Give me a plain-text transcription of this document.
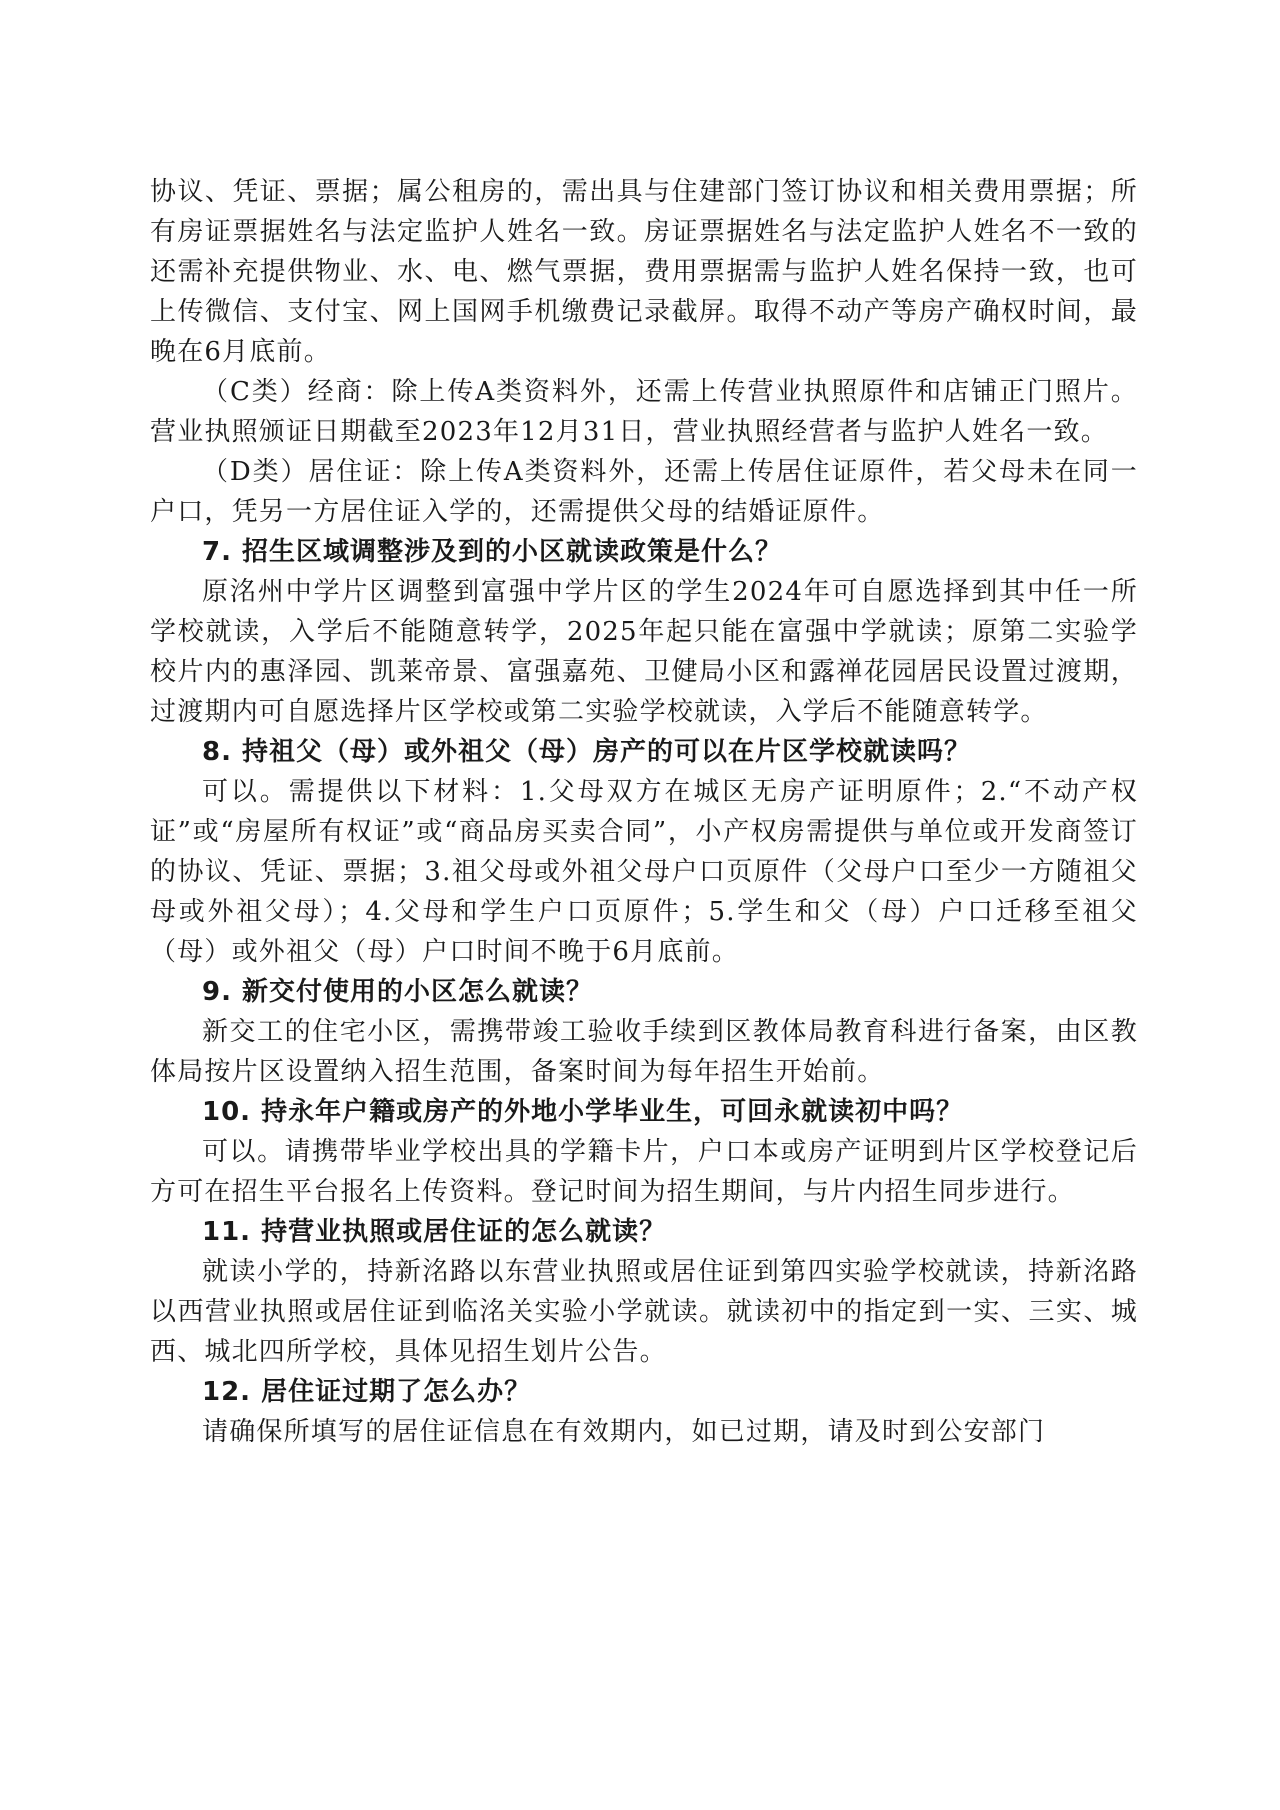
协议、凭证、票据；属公租房的，需出具与住建部门签订协议和相关费用票据；所有房证票据姓名与法定监护人姓名一致。房证票据姓名与法定监护人姓名不一致的还需补充提供物业、水、电、燃气票据，费用票据需与监护人姓名保持一致，也可上传微信、支付宝、网上国网手机缴费记录截屏。取得不动产等房产确权时间，最晚在6月底前。

（C类）经商：除上传A类资料外，还需上传营业执照原件和店铺正门照片。营业执照颁证日期截至2023年12月31日，营业执照经营者与监护人姓名一致。

（D类）居住证：除上传A类资料外，还需上传居住证原件，若父母未在同一户口，凭另一方居住证入学的，还需提供父母的结婚证原件。

7. 招生区域调整涉及到的小区就读政策是什么？

原洺州中学片区调整到富强中学片区的学生2024年可自愿选择到其中任一所学校就读，入学后不能随意转学，2025年起只能在富强中学就读；原第二实验学校片内的惠泽园、凯莱帝景、富强嘉苑、卫健局小区和露禅花园居民设置过渡期，过渡期内可自愿选择片区学校或第二实验学校就读，入学后不能随意转学。

8. 持祖父（母）或外祖父（母）房产的可以在片区学校就读吗？

可以。需提供以下材料：1.父母双方在城区无房产证明原件；2.“不动产权证”或“房屋所有权证”或“商品房买卖合同”，小产权房需提供与单位或开发商签订的协议、凭证、票据；3.祖父母或外祖父母户口页原件（父母户口至少一方随祖父母或外祖父母）；4.父母和学生户口页原件；5.学生和父（母）户口迁移至祖父（母）或外祖父（母）户口时间不晚于6月底前。

9. 新交付使用的小区怎么就读？

新交工的住宅小区，需携带竣工验收手续到区教体局教育科进行备案，由区教体局按片区设置纳入招生范围，备案时间为每年招生开始前。

10. 持永年户籍或房产的外地小学毕业生，可回永就读初中吗？

可以。请携带毕业学校出具的学籍卡片，户口本或房产证明到片区学校登记后方可在招生平台报名上传资料。登记时间为招生期间，与片内招生同步进行。

11. 持营业执照或居住证的怎么就读？

就读小学的，持新洺路以东营业执照或居住证到第四实验学校就读，持新洺路以西营业执照或居住证到临洺关实验小学就读。就读初中的指定到一实、三实、城西、城北四所学校，具体见招生划片公告。

12. 居住证过期了怎么办？

请确保所填写的居住证信息在有效期内，如已过期，请及时到公安部门
